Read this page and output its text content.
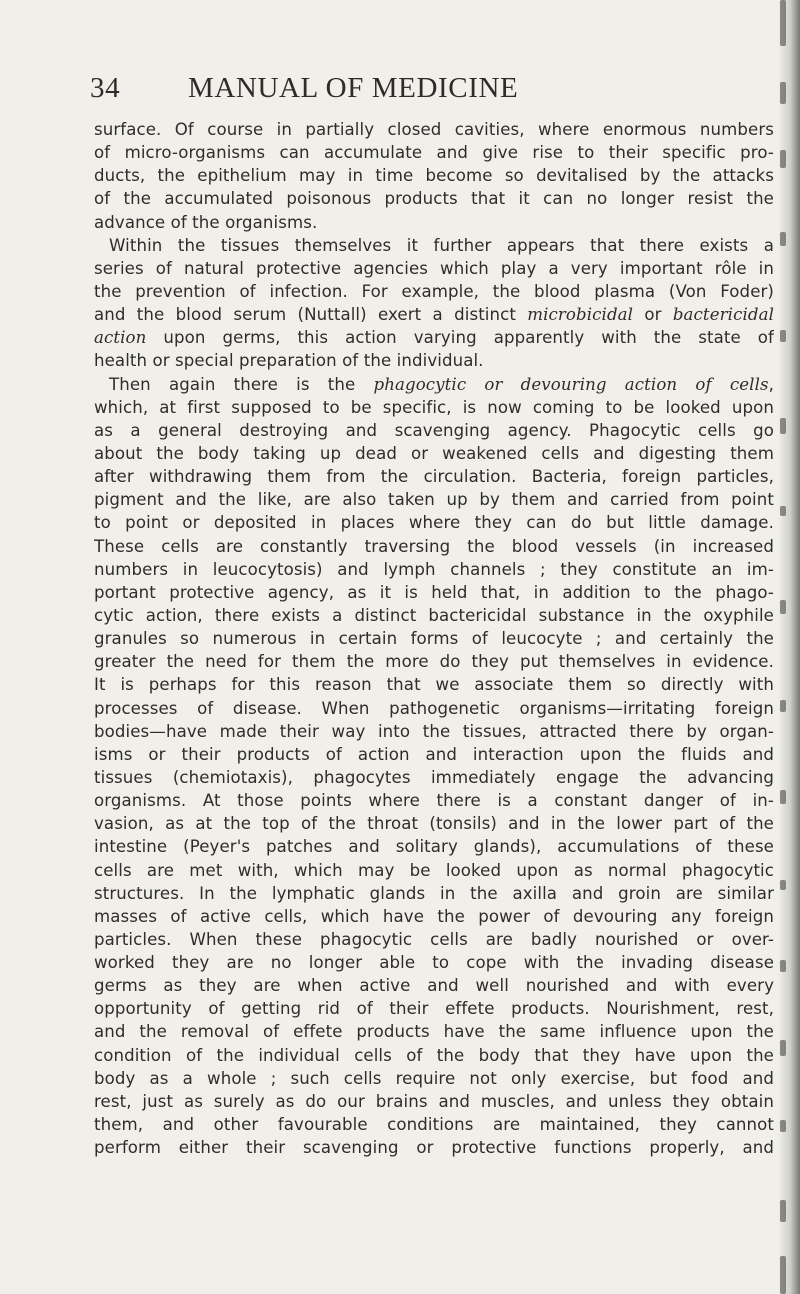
34 MANUAL OF MEDICINE
surface. Of course in partially closed cavities, where enormous numbers
of micro-organisms can accumulate and give rise to their specific pro-
ducts, the epithelium may in time become so devitalised by the attacks
of the accumulated poisonous products that it can no longer resist the
advance of the organisms.
Within the tissues themselves it further appears that there exists a
series of natural protective agencies which play a very important rôle in
the prevention of infection. For example, the blood plasma (Von Foder)
and the blood serum (Nuttall) exert a distinct microbicidal or bactericidal
action upon germs, this action varying apparently with the state of
health or special preparation of the individual.
Then again there is the phagocytic or devouring action of cells,
which, at first supposed to be specific, is now coming to be looked upon
as a general destroying and scavenging agency. Phagocytic cells go
about the body taking up dead or weakened cells and digesting them
after withdrawing them from the circulation. Bacteria, foreign particles,
pigment and the like, are also taken up by them and carried from point
to point or deposited in places where they can do but little damage.
These cells are constantly traversing the blood vessels (in increased
numbers in leucocytosis) and lymph channels ; they constitute an im-
portant protective agency, as it is held that, in addition to the phago-
cytic action, there exists a distinct bactericidal substance in the oxyphile
granules so numerous in certain forms of leucocyte ; and certainly the
greater the need for them the more do they put themselves in evidence.
It is perhaps for this reason that we associate them so directly with
processes of disease. When pathogenetic organisms—irritating foreign
bodies—have made their way into the tissues, attracted there by organ-
isms or their products of action and interaction upon the fluids and
tissues (chemiotaxis), phagocytes immediately engage the advancing
organisms. At those points where there is a constant danger of in-
vasion, as at the top of the throat (tonsils) and in the lower part of the
intestine (Peyer's patches and solitary glands), accumulations of these
cells are met with, which may be looked upon as normal phagocytic
structures. In the lymphatic glands in the axilla and groin are similar
masses of active cells, which have the power of devouring any foreign
particles. When these phagocytic cells are badly nourished or over-
worked they are no longer able to cope with the invading disease
germs as they are when active and well nourished and with every
opportunity of getting rid of their effete products. Nourishment, rest,
and the removal of effete products have the same influence upon the
condition of the individual cells of the body that they have upon the
body as a whole ; such cells require not only exercise, but food and
rest, just as surely as do our brains and muscles, and unless they obtain
them, and other favourable conditions are maintained, they cannot
perform either their scavenging or protective functions properly, and
